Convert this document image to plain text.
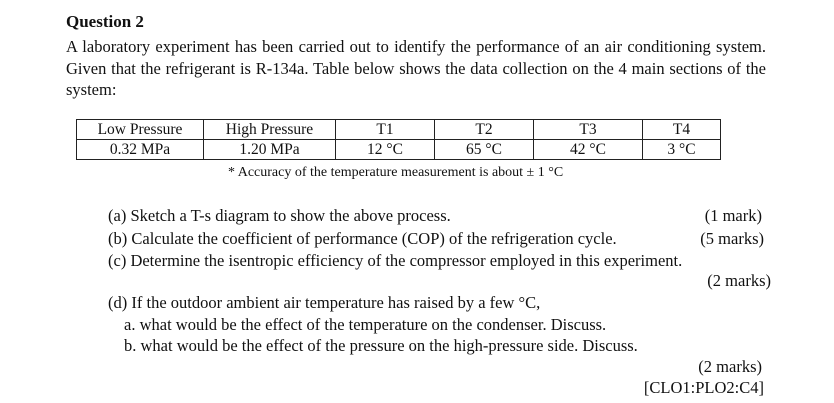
Question 2
A laboratory experiment has been carried out to identify the performance of an air conditioning system. Given that the refrigerant is R-134a. Table below shows the data collection on the 4 main sections of the system:
Low Pressure	High Pressure	T1	T2	T3	T4
0.32 MPa	1.20 MPa	12 °C	65 °C	42 °C	3 °C
* Accuracy of the temperature measurement is about ± 1 °C
(a) Sketch a T-s diagram to show the above process.	(1 mark)
(b) Calculate the coefficient of performance (COP) of the refrigeration cycle.	(5 marks)
(c) Determine the isentropic efficiency of the compressor employed in this experiment.
(2 marks)
(d) If the outdoor ambient air temperature has raised by a few °C,
a. what would be the effect of the temperature on the condenser. Discuss.
b. what would be the effect of the pressure on the high-pressure side. Discuss.
(2 marks)
[CLO1:PLO2:C4]
